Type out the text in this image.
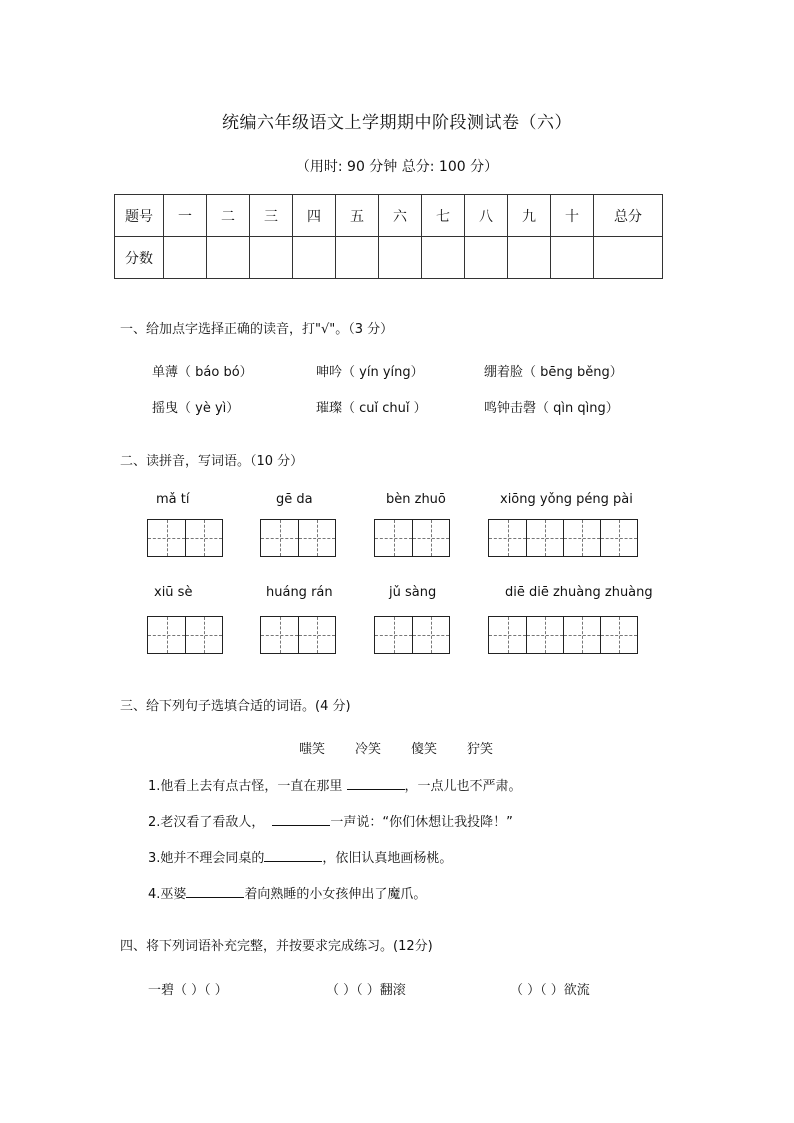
统编六年级语文上学期期中阶段测试卷（六）
（用时: 90 分钟 总分: 100 分）
题号	一	二	三	四	五	六	七	八	九	十	总分
分数											
一、给加点字选择正确的读音，打"√"。（3 分）
单薄（ báo bó）	呻吟（ yín yíng）	绷着脸（ bēng běng）
摇曳（ yè yì）	璀璨（ cuǐ chuǐ ）	鸣钟击磬（ qìn qìng）
二、读拼音，写词语。（10 分）
mǎ tí	gē da	bèn zhuō	xiōng yǒng péng pài
xiū sè	huáng rán	jǔ sàng	diē diē zhuàng zhuàng
三、给下列句子选填合适的词语。(4 分)
嗤笑 冷笑 傻笑 狞笑
1.他看上去有点古怪，一直在那里	，一点儿也不严肃。
2.老汉看了看敌人，	一声说：“你们休想让我投降！”
3.她并不理会同桌的	，依旧认真地画杨桃。
4.巫婆	着向熟睡的小女孩伸出了魔爪。
四、将下列词语补充完整，并按要求完成练习。(12分)
一碧（ ）（ ）	（ ）（ ）翻滚	（ ）（ ）欲流
